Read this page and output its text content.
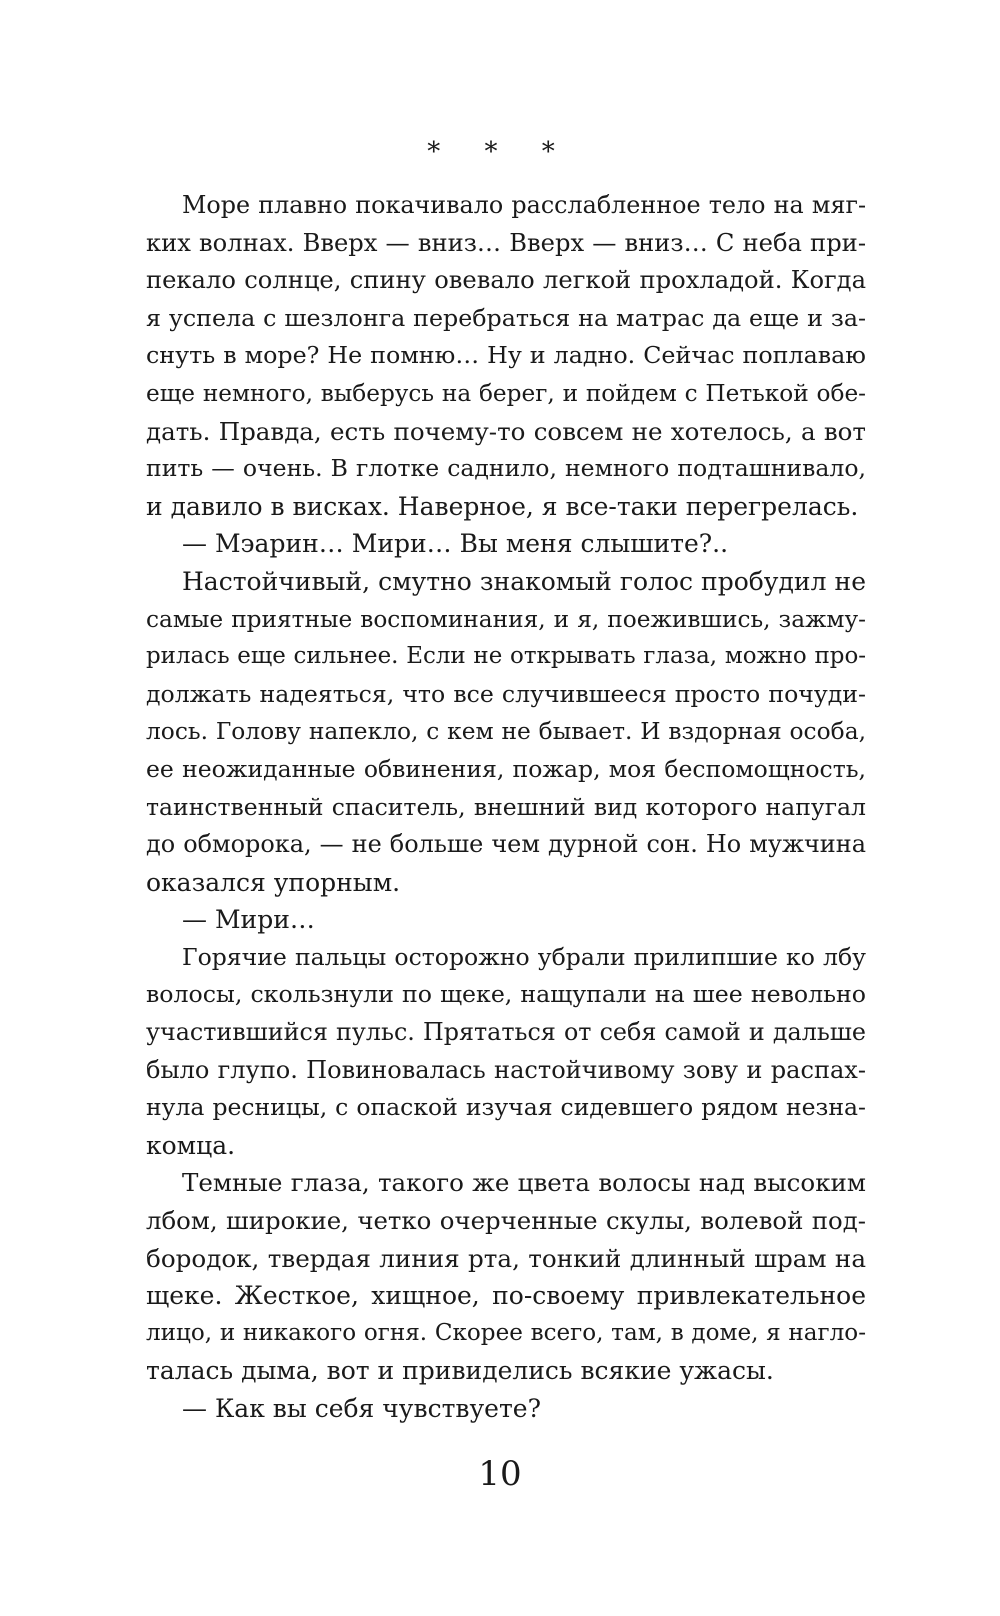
* * *
Море плавно покачивало расслабленное тело на мяг-
ких волнах. Вверх — вниз… Вверх — вниз… С неба при-
пекало солнце, спину овевало легкой прохладой. Когда
я успела с шезлонга перебраться на матрас да еще и за-
снуть в море? Не помню… Ну и ладно. Сейчас поплаваю
еще немного, выберусь на берег, и пойдем с Петькой обе-
дать. Правда, есть почему-то совсем не хотелось, а вот
пить — очень. В глотке саднило, немного подташнивало,
и давило в висках. Наверное, я все-таки перегрелась.
— Мэарин… Мири… Вы меня слышите?..
Настойчивый, смутно знакомый голос пробудил не
самые приятные воспоминания, и я, поежившись, зажму-
рилась еще сильнее. Если не открывать глаза, можно про-
должать надеяться, что все случившееся просто почуди-
лось. Голову напекло, с кем не бывает. И вздорная особа,
ее неожиданные обвинения, пожар, моя беспомощность,
таинственный спаситель, внешний вид которого напугал
до обморока, — не больше чем дурной сон. Но мужчина
оказался упорным.
— Мири…
Горячие пальцы осторожно убрали прилипшие ко лбу
волосы, скользнули по щеке, нащупали на шее невольно
участившийся пульс. Прятаться от себя самой и дальше
было глупо. Повиновалась настойчивому зову и распах-
нула ресницы, с опаской изучая сидевшего рядом незна-
комца.
Темные глаза, такого же цвета волосы над высоким
лбом, широкие, четко очерченные скулы, волевой под-
бородок, твердая линия рта, тонкий длинный шрам на
щеке. Жесткое, хищное, по-своему привлекательное
лицо, и никакого огня. Скорее всего, там, в доме, я нагло-
талась дыма, вот и привиделись всякие ужасы.
— Как вы себя чувствуете?
10
